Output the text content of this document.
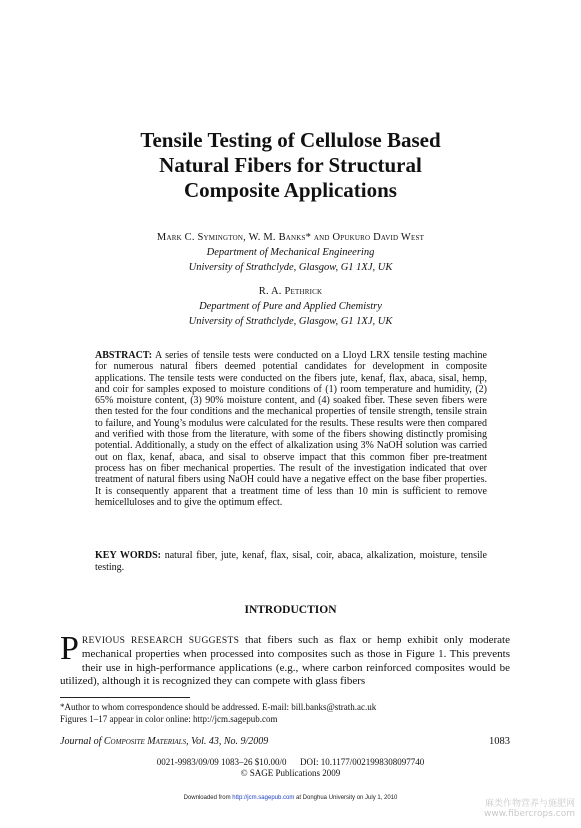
Tensile Testing of Cellulose Based
Natural Fibers for Structural
Composite Applications
Mark C. Symington, W. M. Banks* and Opukuro David West
Department of Mechanical Engineering
University of Strathclyde, Glasgow, G1 1XJ, UK
R. A. Pethrick
Department of Pure and Applied Chemistry
University of Strathclyde, Glasgow, G1 1XJ, UK
ABSTRACT: A series of tensile tests were conducted on a Lloyd LRX tensile testing machine for numerous natural fibers deemed potential candidates for development in composite applications. The tensile tests were conducted on the fibers jute, kenaf, flax, abaca, sisal, hemp, and coir for samples exposed to moisture conditions of (1) room temperature and humidity, (2) 65% moisture content, (3) 90% moisture content, and (4) soaked fiber. These seven fibers were then tested for the four conditions and the mechanical properties of tensile strength, tensile strain to failure, and Young’s modulus were calculated for the results. These results were then compared and verified with those from the literature, with some of the fibers showing distinctly promising potential. Additionally, a study on the effect of alkalization using 3% NaOH solution was carried out on flax, kenaf, abaca, and sisal to observe impact that this common fiber pre-treatment process has on fiber mechanical properties. The result of the investigation indicated that over treatment of natural fibers using NaOH could have a negative effect on the base fiber properties. It is consequently apparent that a treatment time of less than 10 min is sufficient to remove hemicelluloses and to give the optimum effect.
KEY WORDS: natural fiber, jute, kenaf, flax, sisal, coir, abaca, alkalization, moisture, tensile testing.
INTRODUCTION
PREVIOUS RESEARCH SUGGESTS that fibers such as flax or hemp exhibit only moderate mechanical properties when processed into composites such as those in Figure 1. This prevents their use in high-performance applications (e.g., where carbon reinforced composites would be utilized), although it is recognized they can compete with glass fibers
*Author to whom correspondence should be addressed. E-mail: bill.banks@strath.ac.uk
Figures 1–17 appear in color online: http://jcm.sagepub.com
Journal of Composite Materials, Vol. 43, No. 9/2009	1083
0021-9983/09/09 1083–26 $10.00/0      DOI: 10.1177/0021998308097740
© SAGE Publications 2009
Downloaded from http://jcm.sagepub.com at Donghua University on July 1, 2010
麻类作物营养与施肥网
www.fibercrops.com
